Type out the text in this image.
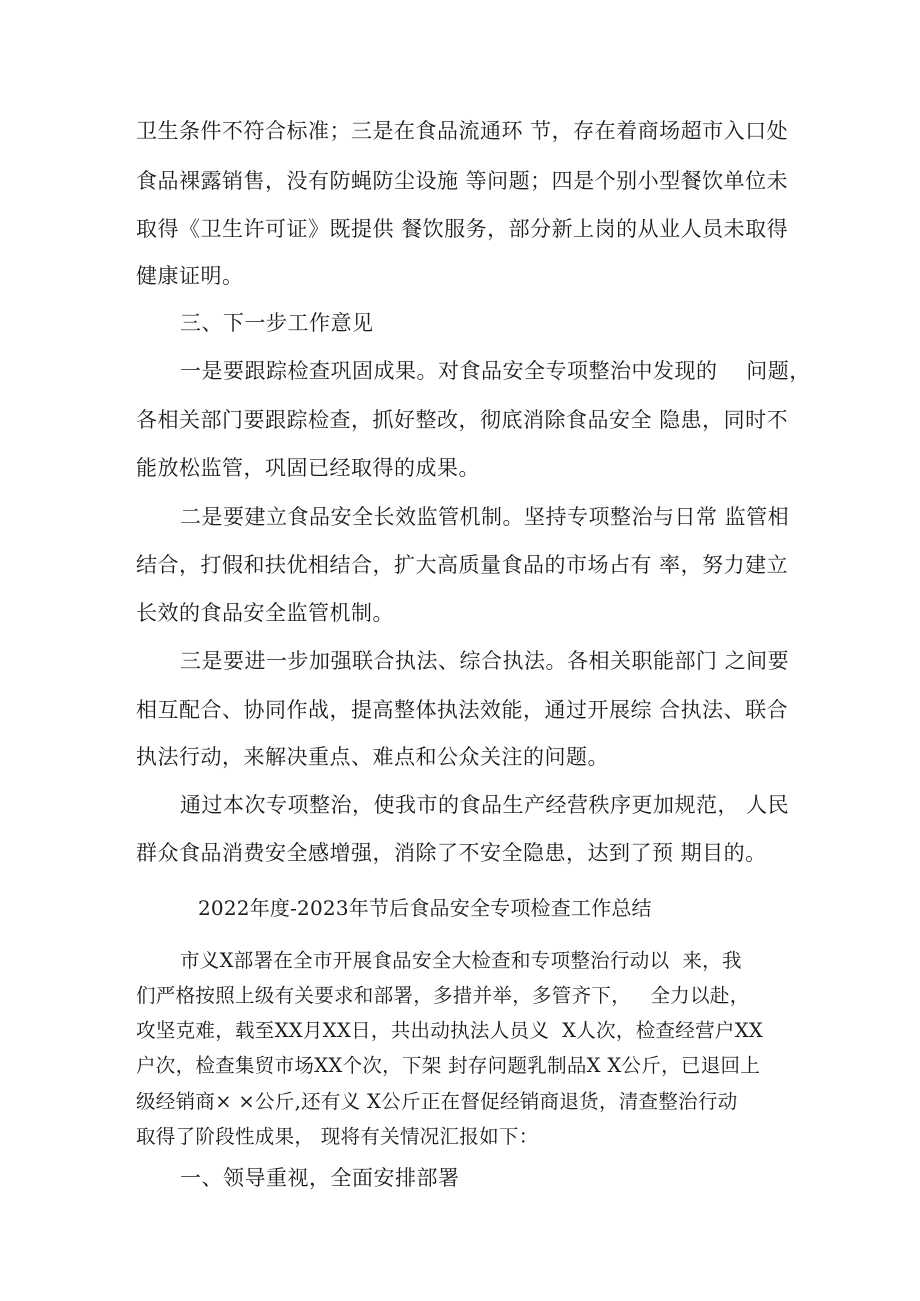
卫生条件不符合标准；三是在食品流通环 节，存在着商场超市入口处
食品裸露销售，没有防蝇防尘设施 等问题；四是个别小型餐饮单位未
取得《卫生许可证》既提供 餐饮服务，部分新上岗的从业人员未取得
健康证明。
三、下一步工作意见
一是要跟踪检查巩固成果。对食品安全专项整治中发现的    问题，
各相关部门要跟踪检查，抓好整改，彻底消除食品安全 隐患，同时不
能放松监管，巩固已经取得的成果。
二是要建立食品安全长效监管机制。坚持专项整治与日常 监管相
结合，打假和扶优相结合，扩大高质量食品的市场占有 率，努力建立
长效的食品安全监管机制。
三是要进一步加强联合执法、综合执法。各相关职能部门 之间要
相互配合、协同作战，提高整体执法效能，通过开展综 合执法、联合
执法行动，来解决重点、难点和公众关注的问题。
通过本次专项整治，使我市的食品生产经营秩序更加规范， 人民
群众食品消费安全感增强，消除了不安全隐患，达到了预 期目的。
2022年度-2023年节后食品安全专项检查工作总结
市义X部署在全市开展食品安全大检查和专项整治行动以  来，我
们严格按照上级有关要求和部署，多措并举，多管齐下，   全力以赴，
攻坚克难，载至XX月XX日，共出动执法人员义  X人次，检查经营户XX
户次，检查集贸市场XX个次，下架 封存问题乳制品X X公斤，已退回上
级经销商× ×公斤,还有义 X公斤正在督促经销商退货，清查整治行动
取得了阶段性成果， 现将有关情况汇报如下：
一、领导重视，全面安排部署
